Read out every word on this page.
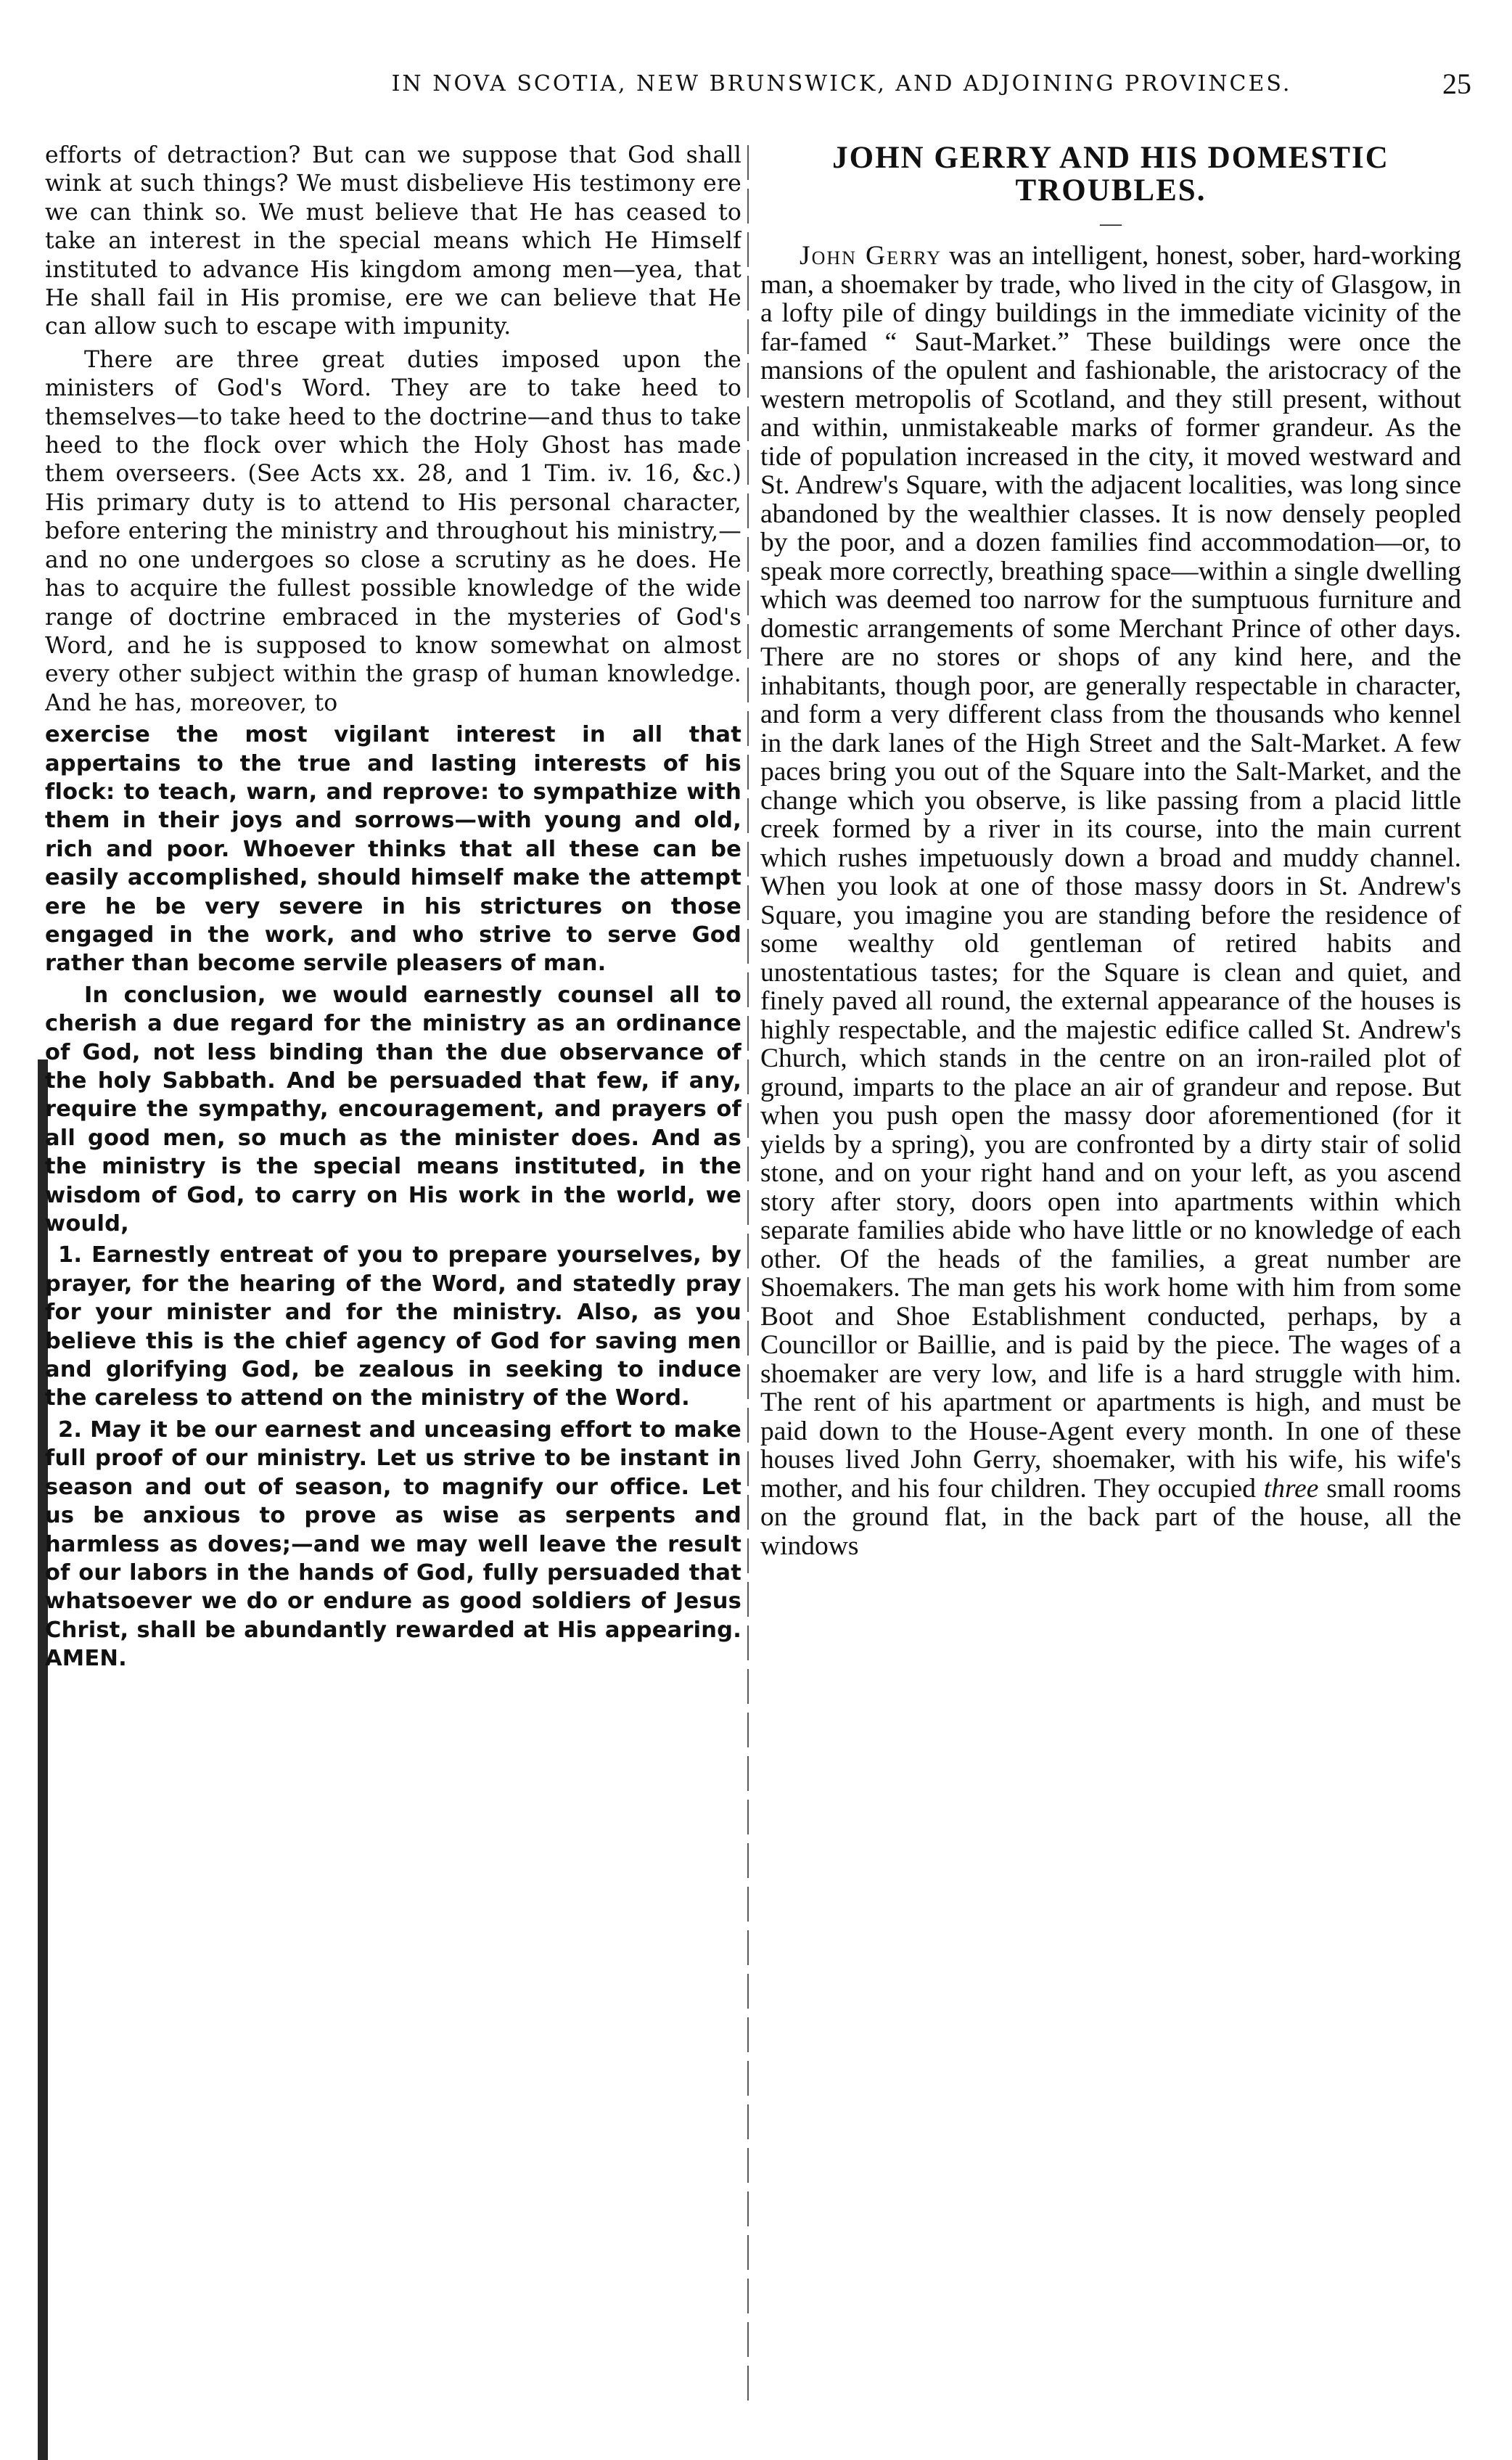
IN NOVA SCOTIA, NEW BRUNSWICK, AND ADJOINING PROVINCES.	25

efforts of detraction? But can we suppose that God shall wink at such things? We must disbelieve His testimony ere we can think so. We must believe that He has ceased to take an interest in the special means which He Himself instituted to advance His kingdom among men—yea, that He shall fail in His promise, ere we can believe that He can allow such to escape with impunity.

There are three great duties imposed upon the ministers of God's Word. They are to take heed to themselves—to take heed to the doctrine—and thus to take heed to the flock over which the Holy Ghost has made them overseers. (See Acts xx. 28, and 1 Tim. iv. 16, &c.) His primary duty is to attend to His personal character, before entering the ministry and throughout his ministry,—and no one undergoes so close a scrutiny as he does. He has to acquire the fullest possible knowledge of the wide range of doctrine embraced in the mysteries of God's Word, and he is supposed to know somewhat on almost every other subject within the grasp of human knowledge. And he has, moreover, to

exercise the most vigilant interest in all that appertains to the true and lasting interests of his flock: to teach, warn, and reprove: to sympathize with them in their joys and sorrows—with young and old, rich and poor. Whoever thinks that all these can be easily accomplished, should himself make the attempt ere he be very severe in his strictures on those engaged in the work, and who strive to serve God rather than become servile pleasers of man.

In conclusion, we would earnestly counsel all to cherish a due regard for the ministry as an ordinance of God, not less binding than the due observance of the holy Sabbath. And be persuaded that few, if any, require the sympathy, encouragement, and prayers of all good men, so much as the minister does. And as the ministry is the special means instituted, in the wisdom of God, to carry on His work in the world, we would,

1. Earnestly entreat of you to prepare yourselves, by prayer, for the hearing of the Word, and statedly pray for your minister and for the ministry. Also, as you believe this is the chief agency of God for saving men and glorifying God, be zealous in seeking to induce the careless to attend on the ministry of the Word.

2. May it be our earnest and unceasing effort to make full proof of our ministry. Let us strive to be instant in season and out of season, to magnify our office. Let us be anxious to prove as wise as serpents and harmless as doves;—and we may well leave the result of our labors in the hands of God, fully persuaded that whatsoever we do or endure as good soldiers of Jesus Christ, shall be abundantly rewarded at His appearing. AMEN.

JOHN GERRY AND HIS DOMESTIC
TROUBLES.
—

John Gerry was an intelligent, honest, sober, hard-working man, a shoemaker by trade, who lived in the city of Glasgow, in a lofty pile of dingy buildings in the immediate vicinity of the far-famed “ Saut-Market.” These buildings were once the mansions of the opulent and fashionable, the aristocracy of the western metropolis of Scotland, and they still present, without and within, unmistakeable marks of former grandeur. As the tide of population increased in the city, it moved westward and St. Andrew's Square, with the adjacent localities, was long since abandoned by the wealthier classes. It is now densely peopled by the poor, and a dozen families find accommodation—or, to speak more correctly, breathing space—within a single dwelling which was deemed too narrow for the sumptuous furniture and domestic arrangements of some Merchant Prince of other days. There are no stores or shops of any kind here, and the inhabitants, though poor, are generally respectable in character, and form a very different class from the thousands who kennel in the dark lanes of the High Street and the Salt-Market. A few paces bring you out of the Square into the Salt-Market, and the change which you observe, is like passing from a placid little creek formed by a river in its course, into the main current which rushes impetuously down a broad and muddy channel. When you look at one of those massy doors in St. Andrew's Square, you imagine you are standing before the residence of some wealthy old gentleman of retired habits and unostentatious tastes; for the Square is clean and quiet, and finely paved all round, the external appearance of the houses is highly respectable, and the majestic edifice called St. Andrew's Church, which stands in the centre on an iron-railed plot of ground, imparts to the place an air of grandeur and repose. But when you push open the massy door aforementioned (for it yields by a spring), you are confronted by a dirty stair of solid stone, and on your right hand and on your left, as you ascend story after story, doors open into apartments within which separate families abide who have little or no knowledge of each other. Of the heads of the families, a great number are Shoemakers. The man gets his work home with him from some Boot and Shoe Establishment conducted, perhaps, by a Councillor or Baillie, and is paid by the piece. The wages of a shoemaker are very low, and life is a hard struggle with him. The rent of his apartment or apartments is high, and must be paid down to the House-Agent every month. In one of these houses lived John Gerry, shoemaker, with his wife, his wife's mother, and his four children. They occupied three small rooms on the ground flat, in the back part of the house, all the windows
